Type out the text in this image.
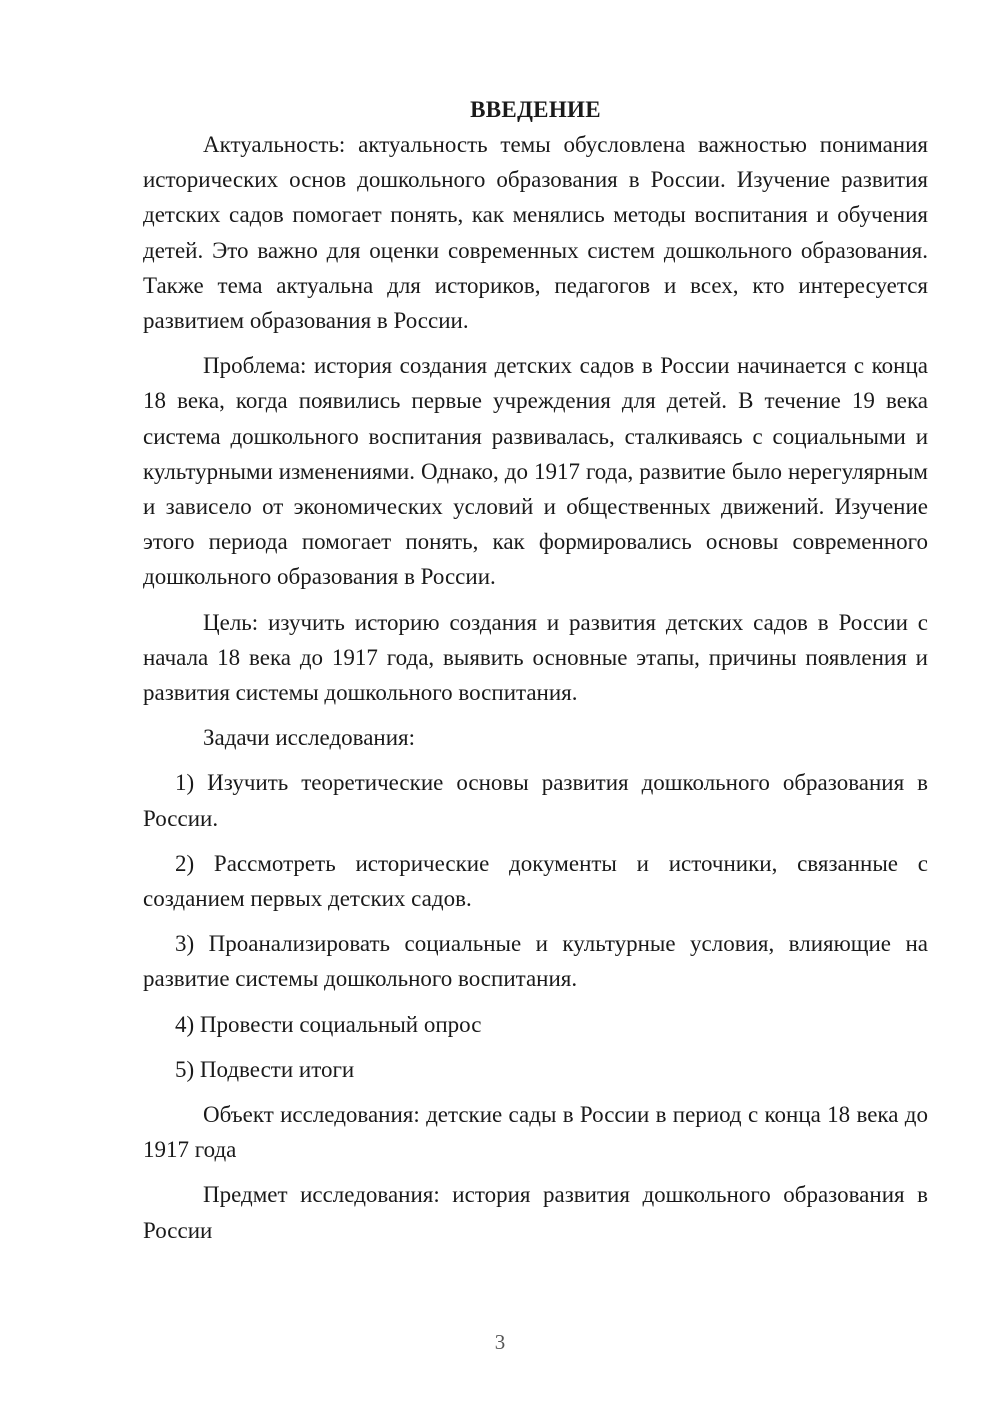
ВВЕДЕНИЕ

Актуальность: актуальность темы обусловлена важностью понимания исторических основ дошкольного образования в России. Изучение развития детских садов помогает понять, как менялись методы воспитания и обучения детей. Это важно для оценки современных систем дошкольного образования. Также тема актуальна для историков, педагогов и всех, кто интересуется развитием образования в России.

Проблема: история создания детских садов в России начинается с конца 18 века, когда появились первые учреждения для детей. В течение 19 века система дошкольного воспитания развивалась, сталкиваясь с социальными и культурными изменениями. Однако, до 1917 года, развитие было нерегулярным и зависело от экономических условий и общественных движений. Изучение этого периода помогает понять, как формировались основы современного дошкольного образования в России.

Цель: изучить историю создания и развития детских садов в России с начала 18 века до 1917 года, выявить основные этапы, причины появления и развития системы дошкольного воспитания.

Задачи исследования:

1) Изучить теоретические основы развития дошкольного образования в России.

2) Рассмотреть исторические документы и источники, связанные с созданием первых детских садов.

3) Проанализировать социальные и культурные условия, влияющие на развитие системы дошкольного воспитания.

4) Провести социальный опрос

5) Подвести итоги

Объект исследования: детские сады в России в период с конца 18 века до 1917 года

Предмет исследования: история развития дошкольного образования в России

3
